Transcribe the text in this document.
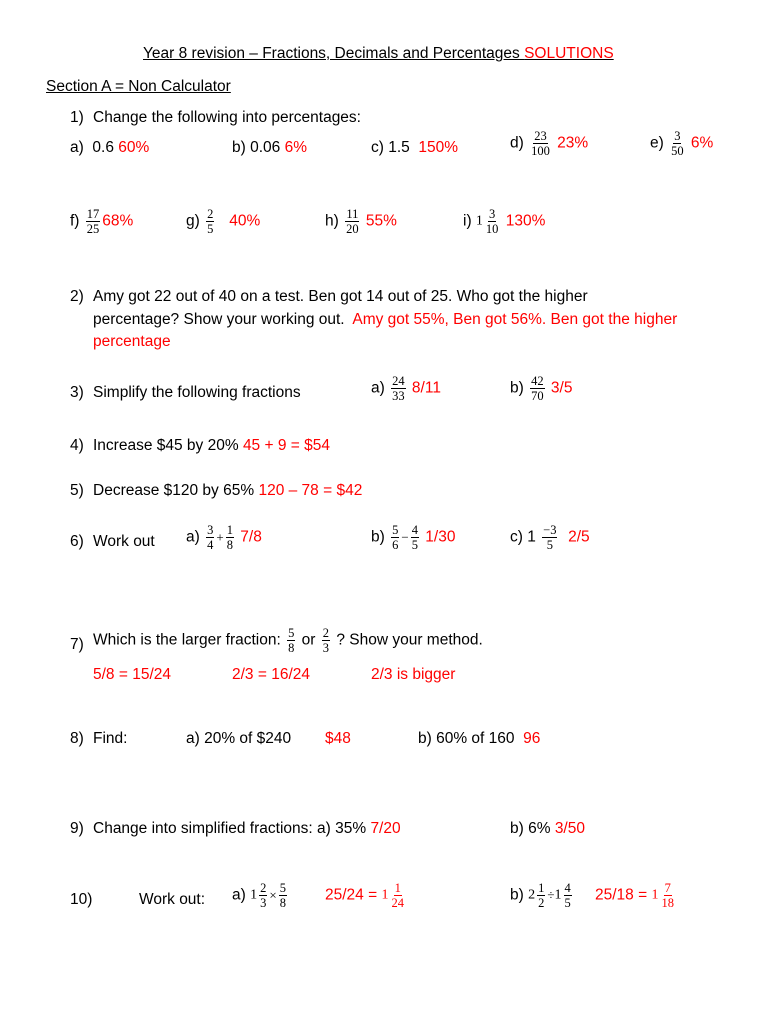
Year 8 revision – Fractions, Decimals and Percentages SOLUTIONS
Section A = Non Calculator
1) Change the following into percentages:
a) 0.6 60%	b) 0.06 6%	c) 1.5 150%	$d) \frac{23}{100} 23\%$	$e) \frac{3}{50} 6\%$
$f) \frac{17}{25} 68\%$	$g) \frac{2}{5} 40\%$	$h) \frac{11}{20} 55\%$	i) $1 \frac{3}{10} 130\%$
2) Amy got 22 out of 40 on a test. Ben got 14 out of 25. Who got the higher
percentage? Show your working out. Amy got 55%, Ben got 56%. Ben got the higher
percentage
3) Simplify the following fractions	$a) \frac{24}{33} 8/11$	$b) \frac{42}{70} 3/5$
4) Increase $45 by 20% 45 + 9 = $54
5) Decrease $120 by 65% 120 – 78 = $42
6) Work out $a) \frac{3}{4} + \frac{1}{8} 7/8$	$b) \frac{5}{6} - \frac{4}{5} 1/30$	c) $1 \frac{-3}{5} 2/5$
7) Which is the larger fraction: $\frac{5}{8}$ or $\frac{2}{3}$ ? Show your method.
5/8 = 15/24	2/3 = 16/24	2/3 is bigger
8) Find:	a) 20% of $240 $48	b) 60% of 160 96
9) Change into simplified fractions: a) 35% 7/20	b) 6% 3/50
10)	Work out: a) $1 \frac{2}{3} \times \frac{5}{8} 25/24 = 1 \frac{1}{24}$	b) $2 \frac{1}{2} \div 1 \frac{4}{5} 25/18 = 1 \frac{7}{18}$
